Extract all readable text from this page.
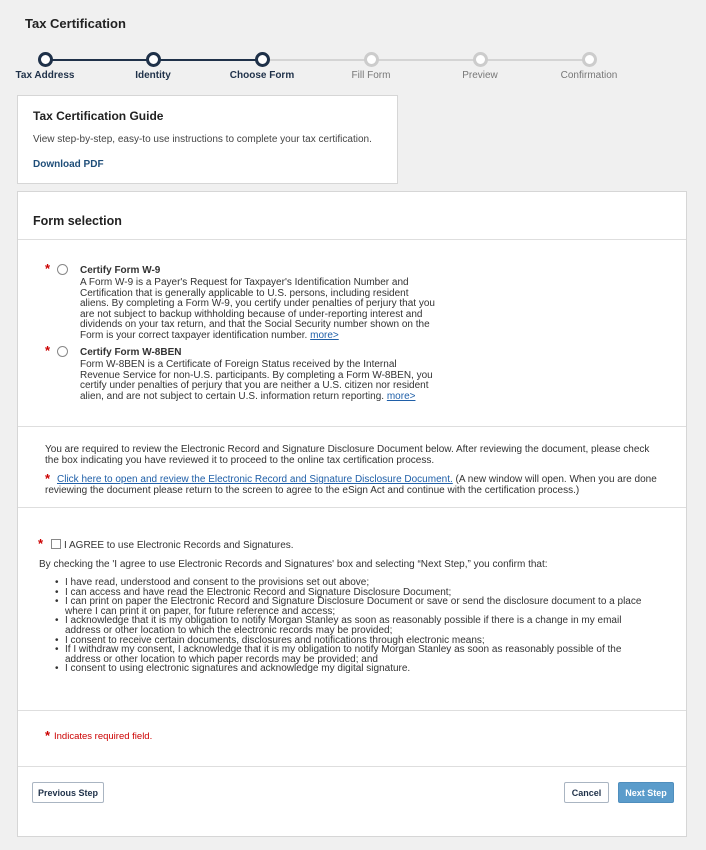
Tax Certification
Tax Address	Identity	Choose Form	Fill Form	Preview	Confirmation
Tax Certification Guide

View step-by-step, easy-to use instructions to complete your tax certification.

Download PDF
Form selection
*	Certify Form W-9
A Form W-9 is a Payer's Request for Taxpayer's Identification Number and Certification that is generally applicable to U.S. persons, including resident aliens. By completing a Form W-9, you certify under penalties of perjury that you are not subject to backup withholding because of under-reporting interest and dividends on your tax return, and that the Social Security number shown on the Form is your correct taxpayer identification number. more>
*	Certify Form W-8BEN
Form W-8BEN is a Certificate of Foreign Status received by the Internal Revenue Service for non-U.S. participants. By completing a Form W-8BEN, you certify under penalties of perjury that you are neither a U.S. citizen nor resident alien, and are not subject to certain U.S. information return reporting. more>
You are required to review the Electronic Record and Signature Disclosure Document below. After reviewing the document, please check the box indicating you have reviewed it to proceed to the online tax certification process.
* Click here to open and review the Electronic Record and Signature Disclosure Document. (A new window will open. When you are done reviewing the document please return to the screen to agree to the eSign Act and continue with the certification process.)
* I AGREE to use Electronic Records and Signatures.
By checking the 'I agree to use Electronic Records and Signatures' box and selecting “Next Step,” you confirm that:
• I have read, understood and consent to the provisions set out above;
• I can access and have read the Electronic Record and Signature Disclosure Document;
• I can print on paper the Electronic Record and Signature Disclosure Document or save or send the disclosure document to a place where I can print it on paper, for future reference and access;
• I acknowledge that it is my obligation to notify Morgan Stanley as soon as reasonably possible if there is a change in my email address or other location to which the electronic records may be provided;
• I consent to receive certain documents, disclosures and notifications through electronic means;
• If I withdraw my consent, I acknowledge that it is my obligation to notify Morgan Stanley as soon as reasonably possible of the address or other location to which paper records may be provided; and
• I consent to using electronic signatures and acknowledge my digital signature.
* Indicates required field.
Previous Step	Cancel	Next Step
